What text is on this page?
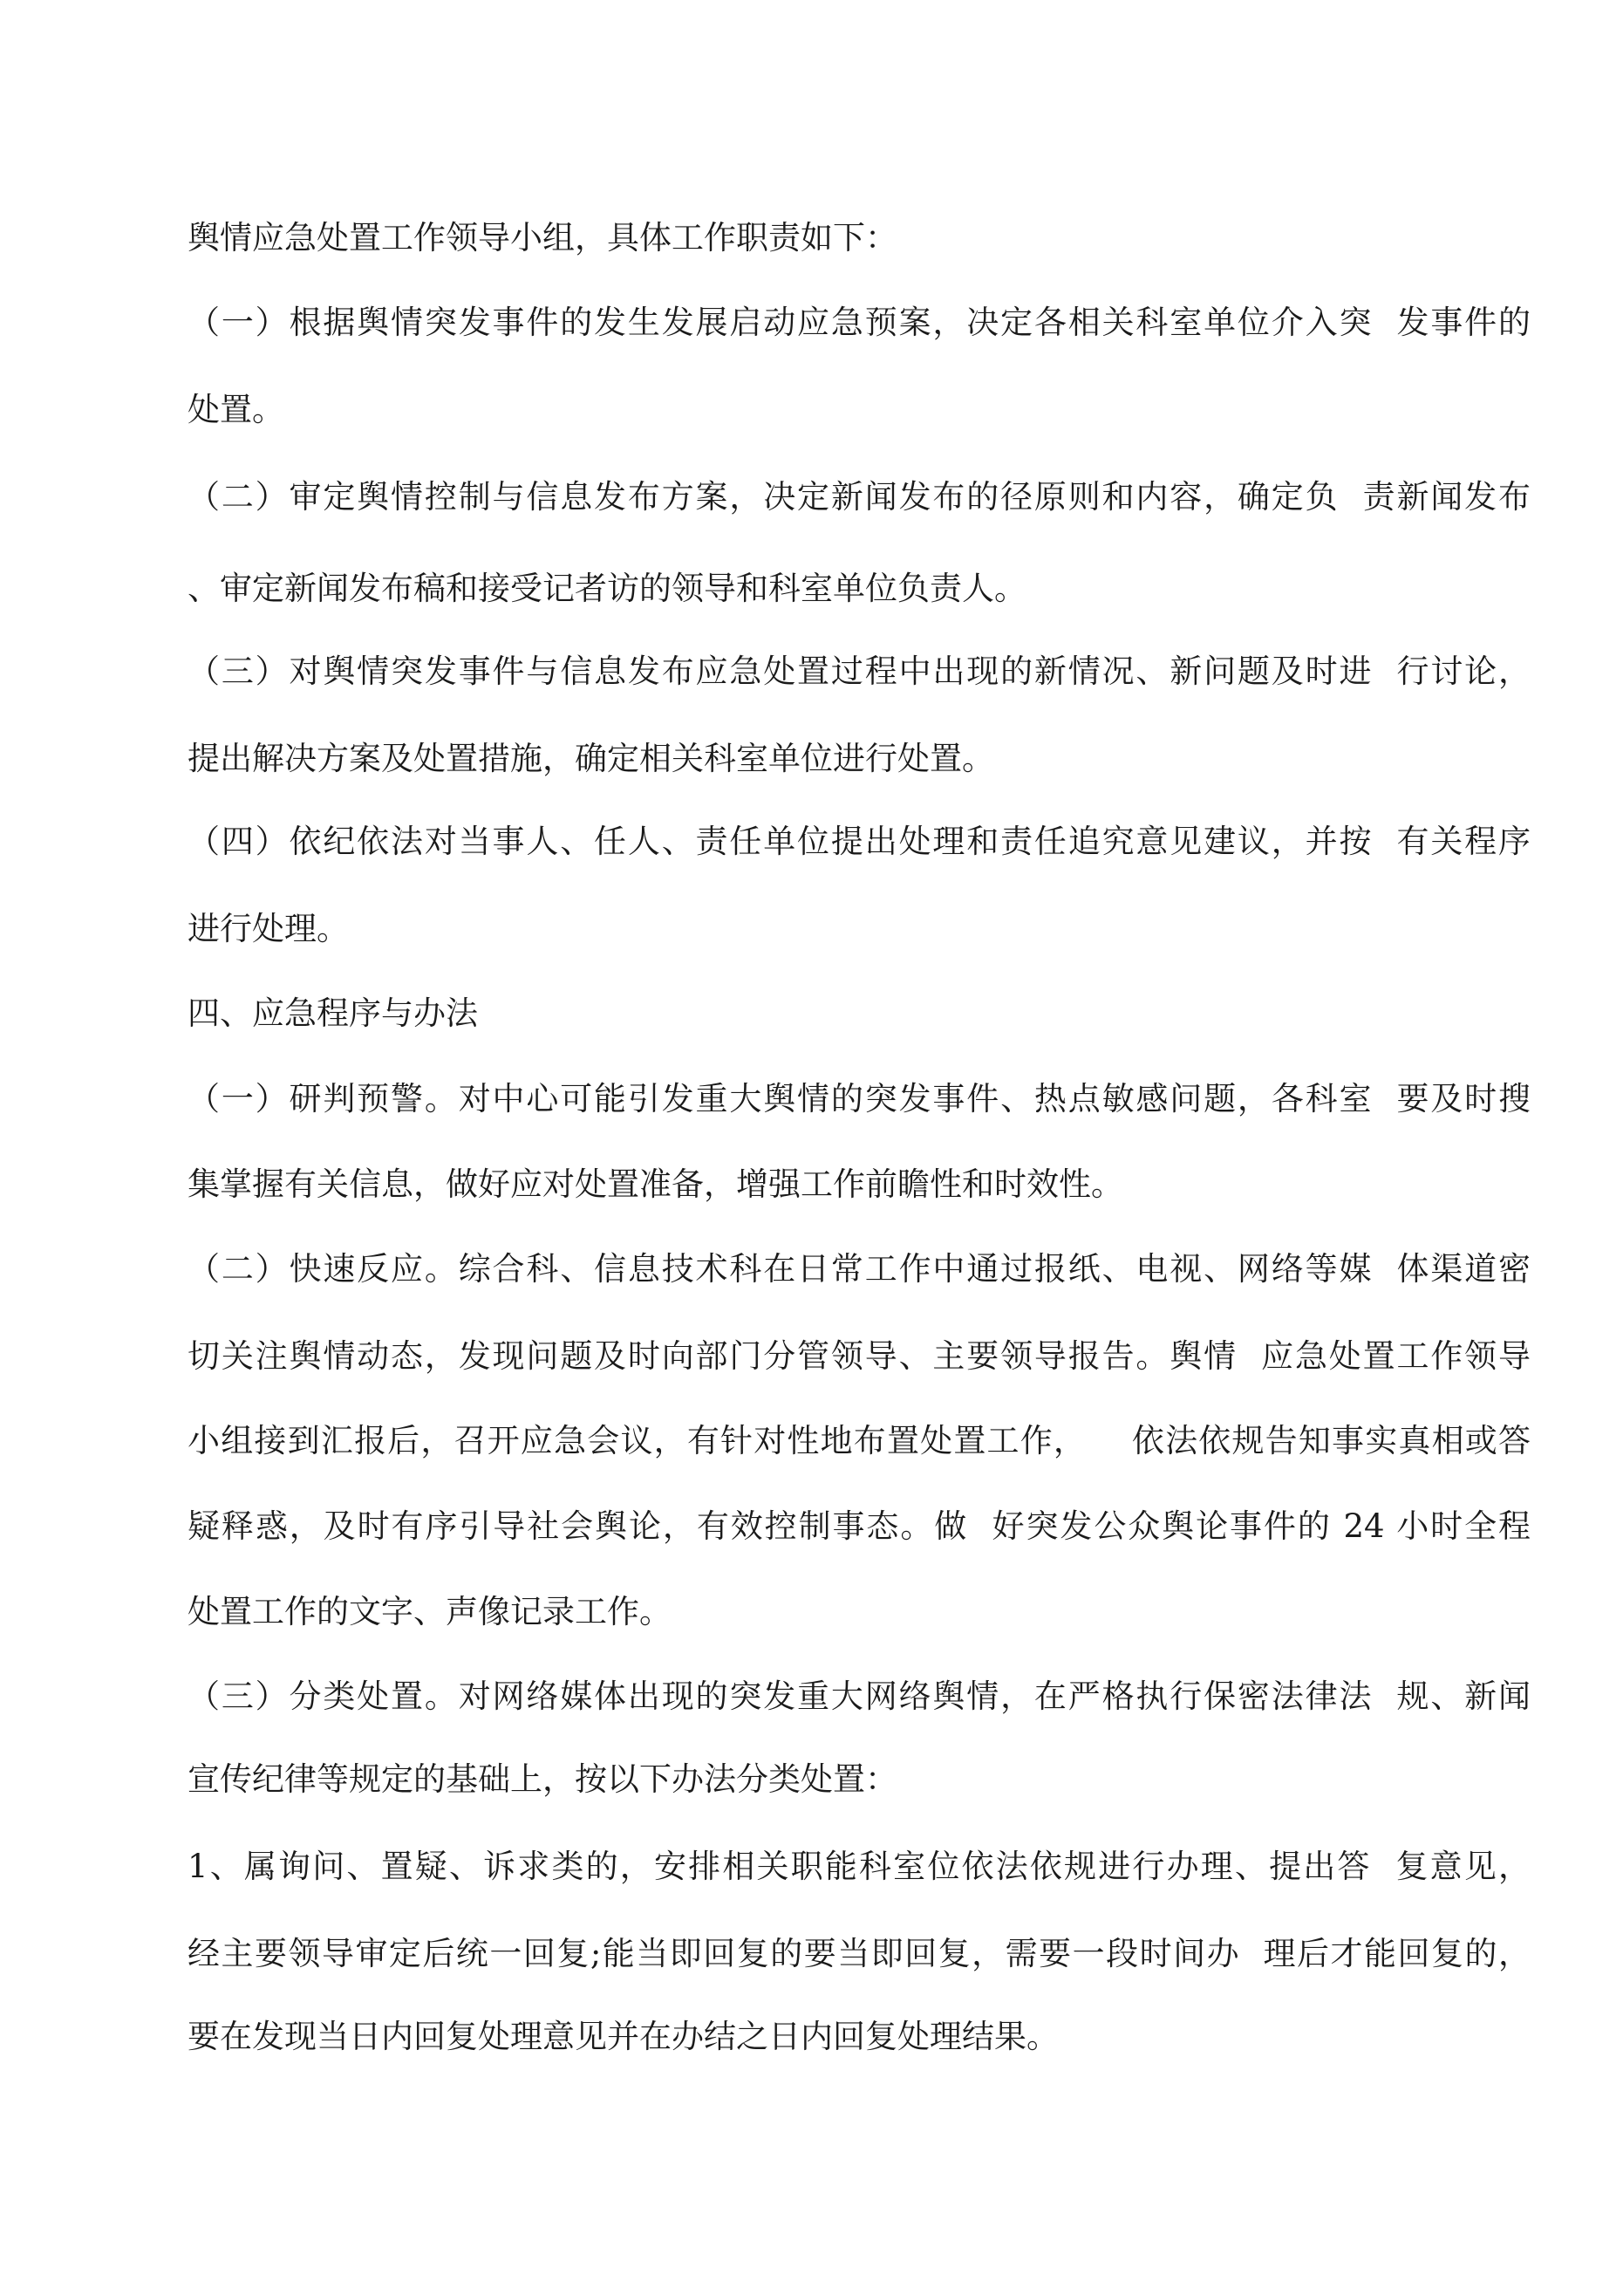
舆情应急处置工作领导小组，具体工作职责如下：
（一）根据舆情突发事件的发生发展启动应急预案，决定各相关科室单位介入突  发事件的
处置。
（二）审定舆情控制与信息发布方案，决定新闻发布的径原则和内容，确定负  责新闻发布
、审定新闻发布稿和接受记者访的领导和科室单位负责人。
（三）对舆情突发事件与信息发布应急处置过程中出现的新情况、新问题及时进  行讨论，
提出解决方案及处置措施，确定相关科室单位进行处置。
（四）依纪依法对当事人、任人、责任单位提出处理和责任追究意见建议，并按  有关程序
进行处理。
四、应急程序与办法
（一）研判预警。对中心可能引发重大舆情的突发事件、热点敏感问题，各科室  要及时搜
集掌握有关信息，做好应对处置准备，增强工作前瞻性和时效性。
（二）快速反应。综合科、信息技术科在日常工作中通过报纸、电视、网络等媒  体渠道密
切关注舆情动态，发现问题及时向部门分管领导、主要领导报告。舆情  应急处置工作领导
小组接到汇报后，召开应急会议，有针对性地布置处置工作，    依法依规告知事实真相或答
疑释惑，及时有序引导社会舆论，有效控制事态。做  好突发公众舆论事件的 24 小时全程
处置工作的文字、声像记录工作。
（三）分类处置。对网络媒体出现的突发重大网络舆情，在严格执行保密法律法  规、新闻
宣传纪律等规定的基础上，按以下办法分类处置：
1、属询问、置疑、诉求类的，安排相关职能科室位依法依规进行办理、提出答  复意见，
经主要领导审定后统一回复;能当即回复的要当即回复，需要一段时间办  理后才能回复的，
要在发现当日内回复处理意见并在办结之日内回复处理结果。
